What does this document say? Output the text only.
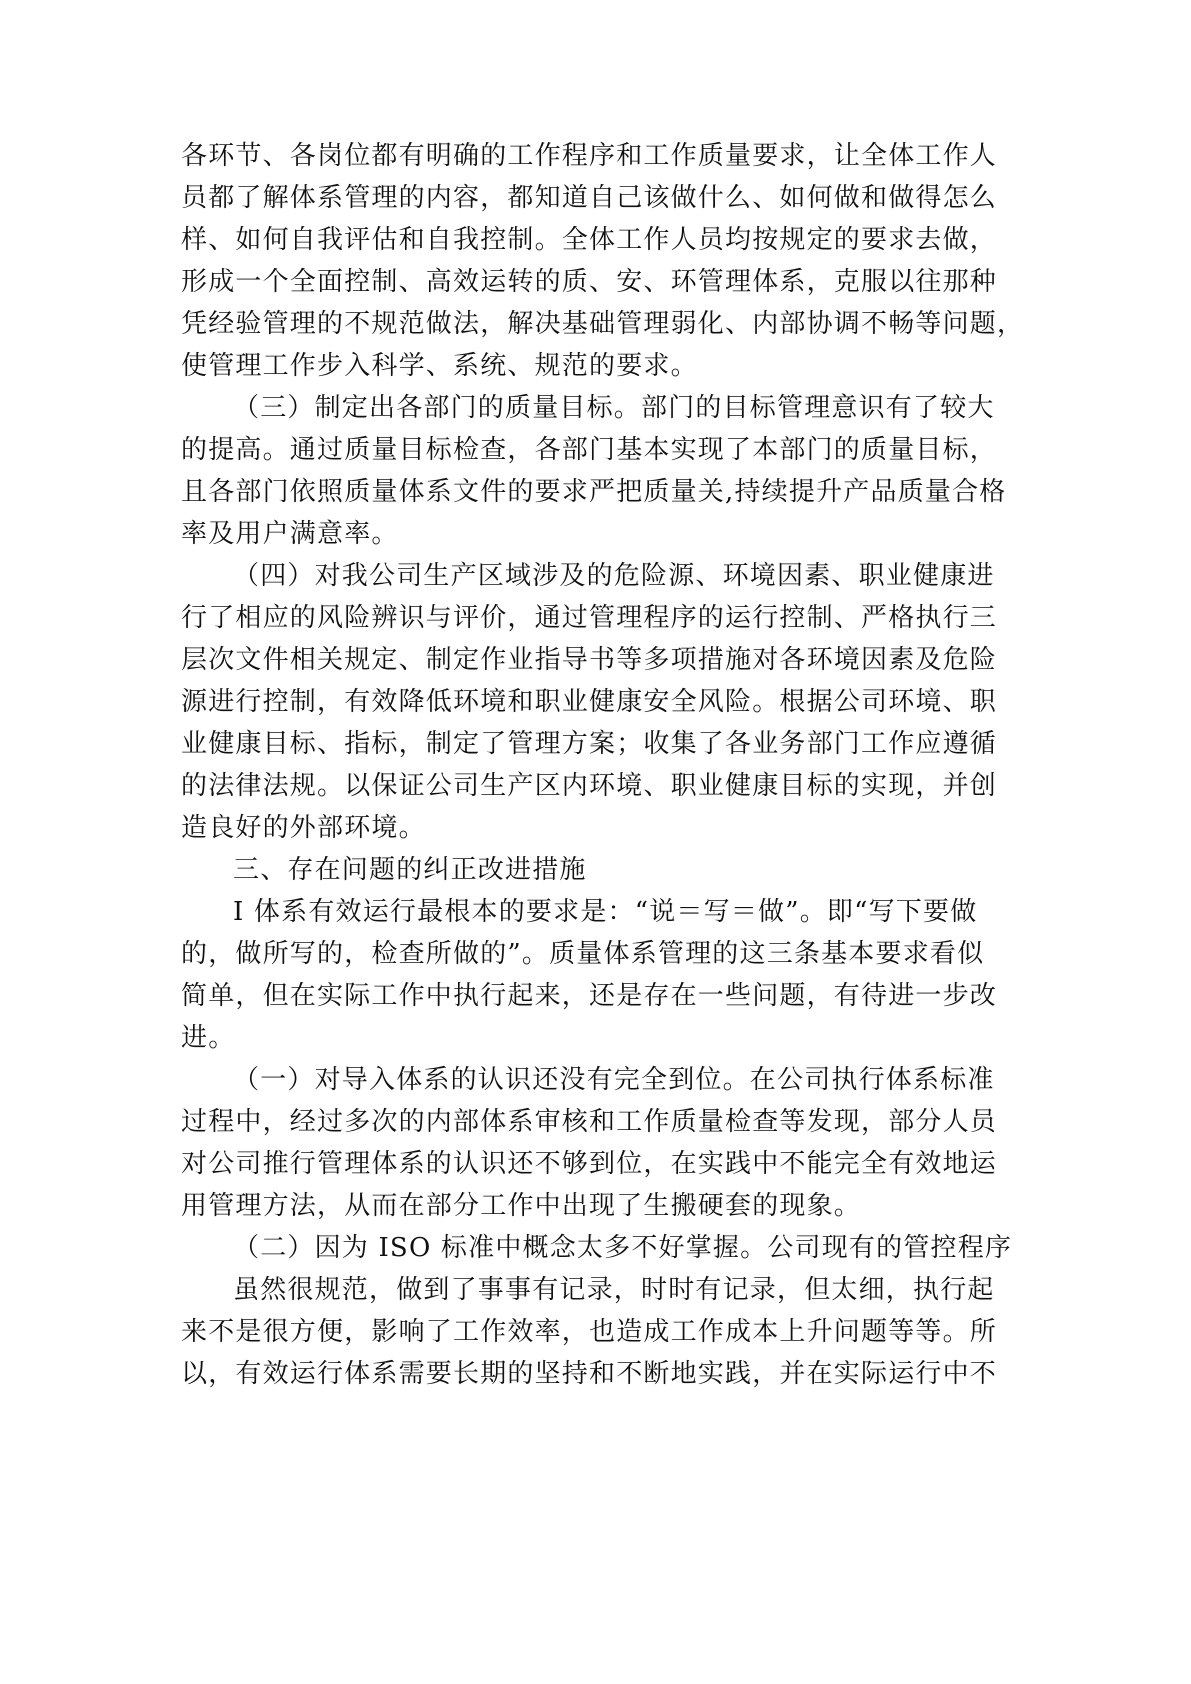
各环节、各岗位都有明确的工作程序和工作质量要求，让全体工作人
员都了解体系管理的内容，都知道自己该做什么、如何做和做得怎么
样、如何自我评估和自我控制。全体工作人员均按规定的要求去做，
形成一个全面控制、高效运转的质、安、环管理体系，克服以往那种
凭经验管理的不规范做法，解决基础管理弱化、内部协调不畅等问题，
使管理工作步入科学、系统、规范的要求。
（三）制定出各部门的质量目标。部门的目标管理意识有了较大
的提高。通过质量目标检查，各部门基本实现了本部门的质量目标，
且各部门依照质量体系文件的要求严把质量关,持续提升产品质量合格
率及用户满意率。
（四）对我公司生产区域涉及的危险源、环境因素、职业健康进
行了相应的风险辨识与评价，通过管理程序的运行控制、严格执行三
层次文件相关规定、制定作业指导书等多项措施对各环境因素及危险
源进行控制，有效降低环境和职业健康安全风险。根据公司环境、职
业健康目标、指标，制定了管理方案；收集了各业务部门工作应遵循
的法律法规。以保证公司生产区内环境、职业健康目标的实现，并创
造良好的外部环境。
三、存在问题的纠正改进措施
I 体系有效运行最根本的要求是：“说＝写＝做”。即“写下要做
的，做所写的，检查所做的”。质量体系管理的这三条基本要求看似
简单，但在实际工作中执行起来，还是存在一些问题，有待进一步改
进。
（一）对导入体系的认识还没有完全到位。在公司执行体系标准
过程中，经过多次的内部体系审核和工作质量检查等发现，部分人员
对公司推行管理体系的认识还不够到位，在实践中不能完全有效地运
用管理方法，从而在部分工作中出现了生搬硬套的现象。
（二）因为 ISO 标准中概念太多不好掌握。公司现有的管控程序
虽然很规范，做到了事事有记录，时时有记录，但太细，执行起
来不是很方便，影响了工作效率，也造成工作成本上升问题等等。所
以，有效运行体系需要长期的坚持和不断地实践，并在实际运行中不
